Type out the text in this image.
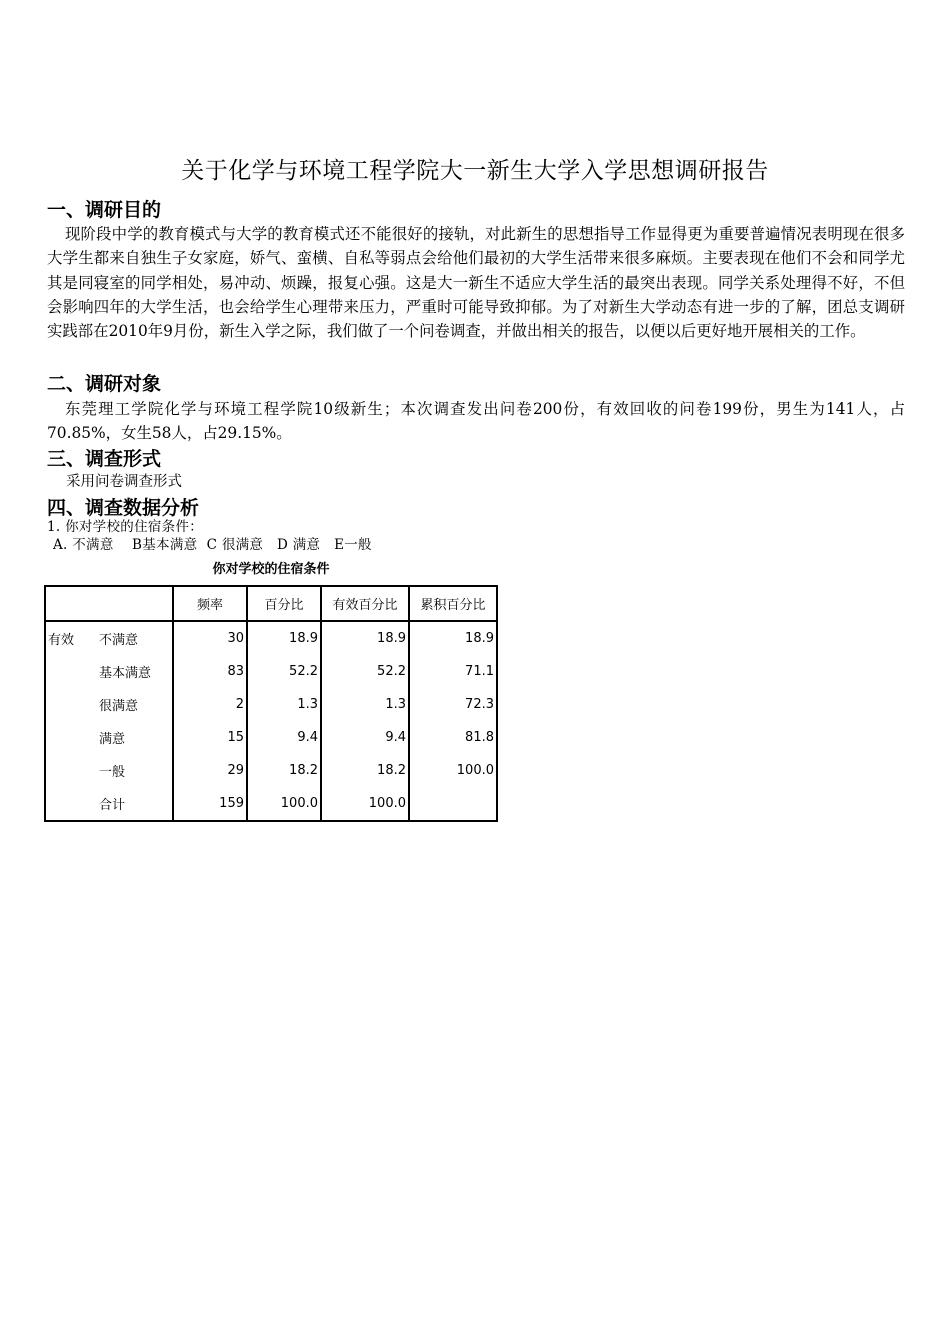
关于化学与环境工程学院大一新生大学入学思想调研报告
一、调研目的
现阶段中学的教育模式与大学的教育模式还不能很好的接轨，对此新生的思想指导工作显得更为重要普遍情况表明现在很多大学生都来自独生子女家庭，娇气、蛮横、自私等弱点会给他们最初的大学生活带来很多麻烦。主要表现在他们不会和同学尤其是同寝室的同学相处，易冲动、烦躁，报复心强。这是大一新生不适应大学生活的最突出表现。同学关系处理得不好，不但会影响四年的大学生活，也会给学生心理带来压力，严重时可能导致抑郁。为了对新生大学动态有进一步的了解，团总支调研实践部在2010年9月份，新生入学之际，我们做了一个问卷调查，并做出相关的报告，以便以后更好地开展相关的工作。
二、调研对象
东莞理工学院化学与环境工程学院10级新生；本次调查发出问卷200份，有效回收的问卷199份，男生为141人，占70.85%，女生58人，占29.15%。
三、调查形式
采用问卷调查形式
四、调查数据分析
1. 你对学校的住宿条件：
A. 不满意    B基本满意  C 很满意   D 满意   E一般
你对学校的住宿条件
		频率	百分比	有效百分比	累积百分比
有效	不满意	30	18.9	18.9	18.9
	基本满意	83	52.2	52.2	71.1
	很满意	2	1.3	1.3	72.3
	满意	15	9.4	9.4	81.8
	一般	29	18.2	18.2	100.0
	合计	159	100.0	100.0	
